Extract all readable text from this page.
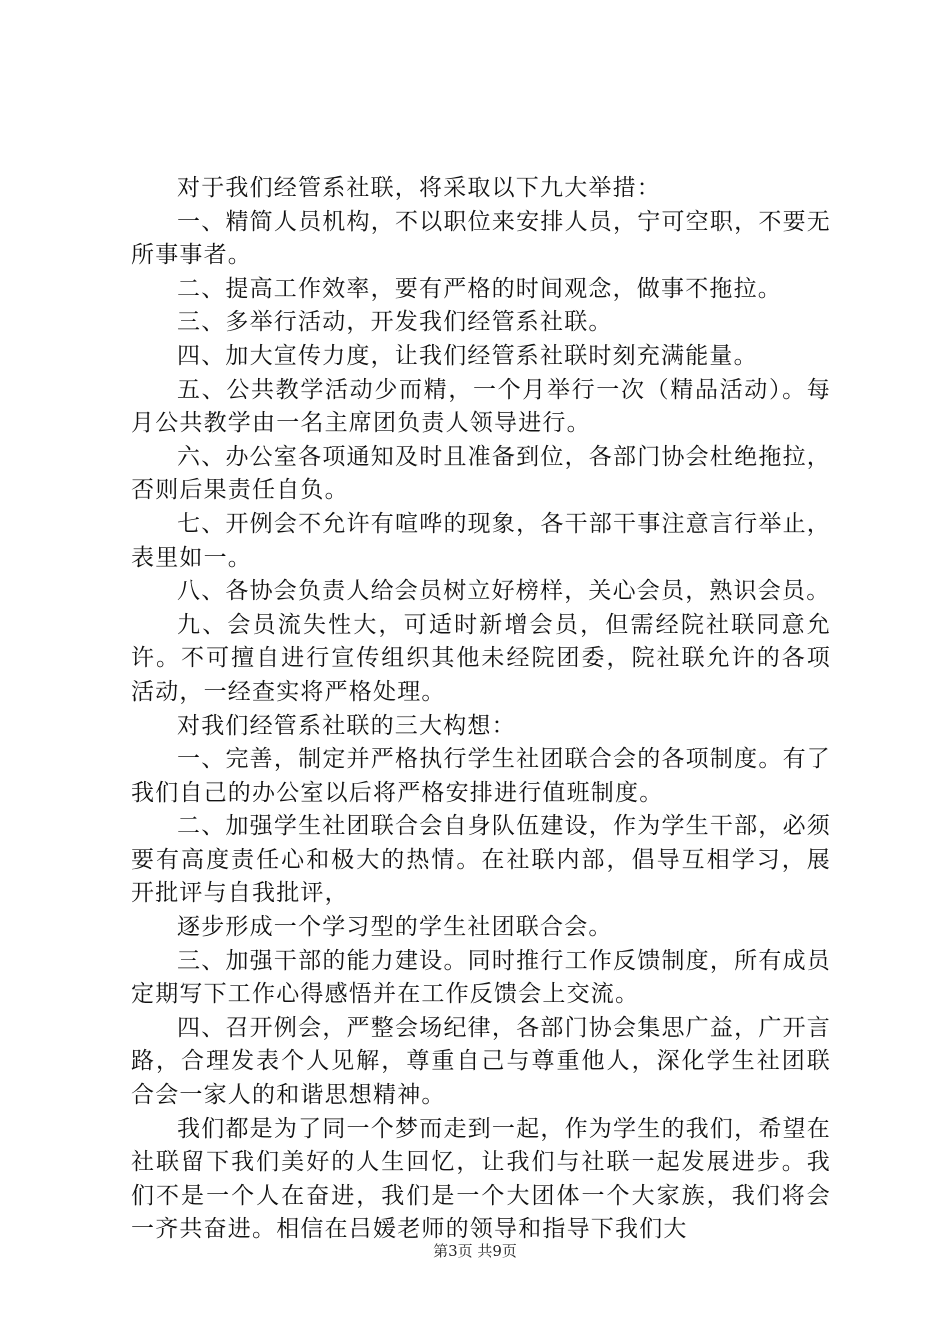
对于我们经管系社联，将采取以下九大举措：

一、精简人员机构，不以职位来安排人员，宁可空职，不要无所事事者。

二、提高工作效率，要有严格的时间观念，做事不拖拉。

三、多举行活动，开发我们经管系社联。

四、加大宣传力度，让我们经管系社联时刻充满能量。

五、公共教学活动少而精，一个月举行一次（精品活动）。每月公共教学由一名主席团负责人领导进行。

六、办公室各项通知及时且准备到位，各部门协会杜绝拖拉，否则后果责任自负。

七、开例会不允许有喧哗的现象，各干部干事注意言行举止，表里如一。

八、各协会负责人给会员树立好榜样，关心会员，熟识会员。

九、会员流失性大，可适时新增会员，但需经院社联同意允许。不可擅自进行宣传组织其他未经院团委，院社联允许的各项活动，一经查实将严格处理。

对我们经管系社联的三大构想：

一、完善，制定并严格执行学生社团联合会的各项制度。有了我们自己的办公室以后将严格安排进行值班制度。

二、加强学生社团联合会自身队伍建设，作为学生干部，必须要有高度责任心和极大的热情。在社联内部，倡导互相学习，展开批评与自我批评，

逐步形成一个学习型的学生社团联合会。

三、加强干部的能力建设。同时推行工作反馈制度，所有成员定期写下工作心得感悟并在工作反馈会上交流。

四、召开例会，严整会场纪律，各部门协会集思广益，广开言路，合理发表个人见解，尊重自己与尊重他人，深化学生社团联合会一家人的和谐思想精神。

我们都是为了同一个梦而走到一起，作为学生的我们，希望在社联留下我们美好的人生回忆，让我们与社联一起发展进步。我们不是一个人在奋进，我们是一个大团体一个大家族，我们将会一齐共奋进。相信在吕媛老师的领导和指导下我们大

第3页 共9页
